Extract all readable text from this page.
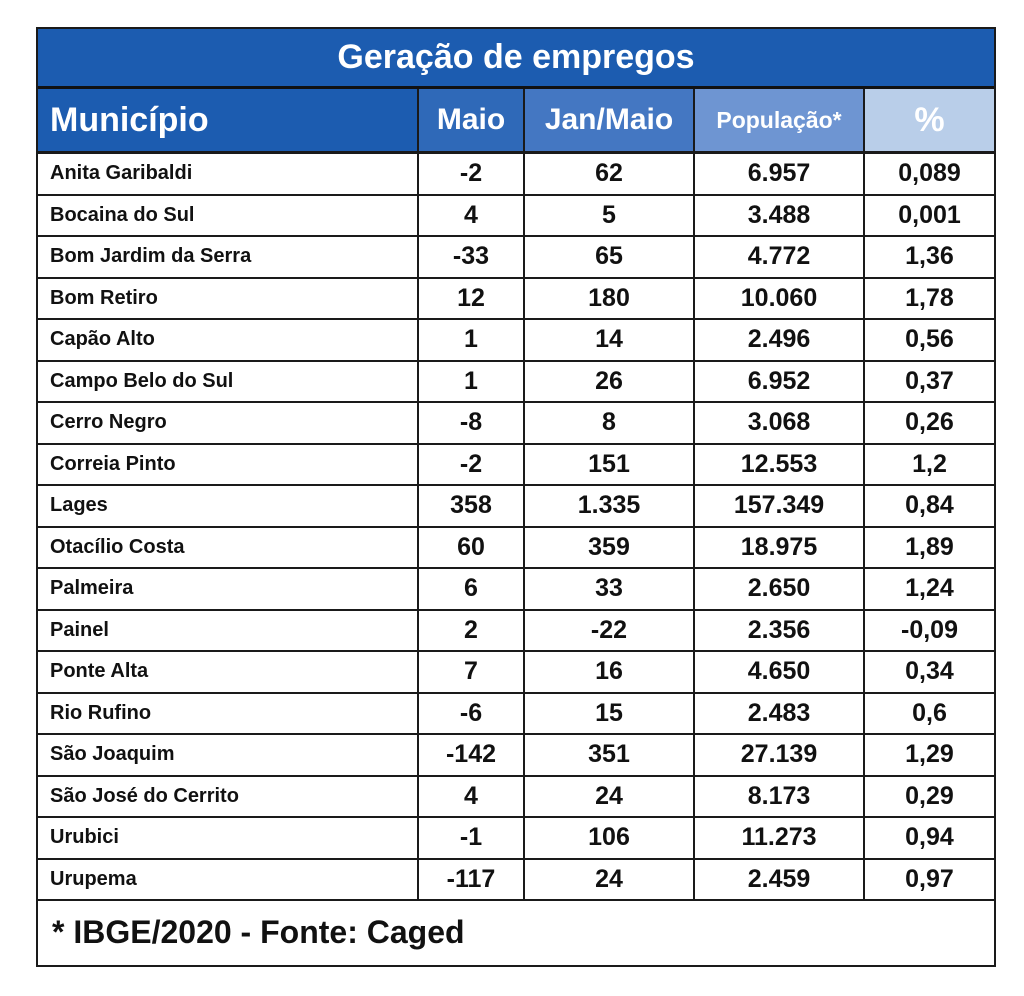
Geração de empregos
Município	Maio	Jan/Maio	População*	%
Anita Garibaldi	-2	62	6.957	0,089
Bocaina do Sul	4	5	3.488	0,001
Bom Jardim da Serra	-33	65	4.772	1,36
Bom Retiro	12	180	10.060	1,78
Capão Alto	1	14	2.496	0,56
Campo Belo do Sul	1	26	6.952	0,37
Cerro Negro	-8	8	3.068	0,26
Correia Pinto	-2	151	12.553	1,2
Lages	358	1.335	157.349	0,84
Otacílio Costa	60	359	18.975	1,89
Palmeira	6	33	2.650	1,24
Painel	2	-22	2.356	-0,09
Ponte Alta	7	16	4.650	0,34
Rio Rufino	-6	15	2.483	0,6
São Joaquim	-142	351	27.139	1,29
São José do Cerrito	4	24	8.173	0,29
Urubici	-1	106	11.273	0,94
Urupema	-117	24	2.459	0,97
* IBGE/2020 - Fonte: Caged
